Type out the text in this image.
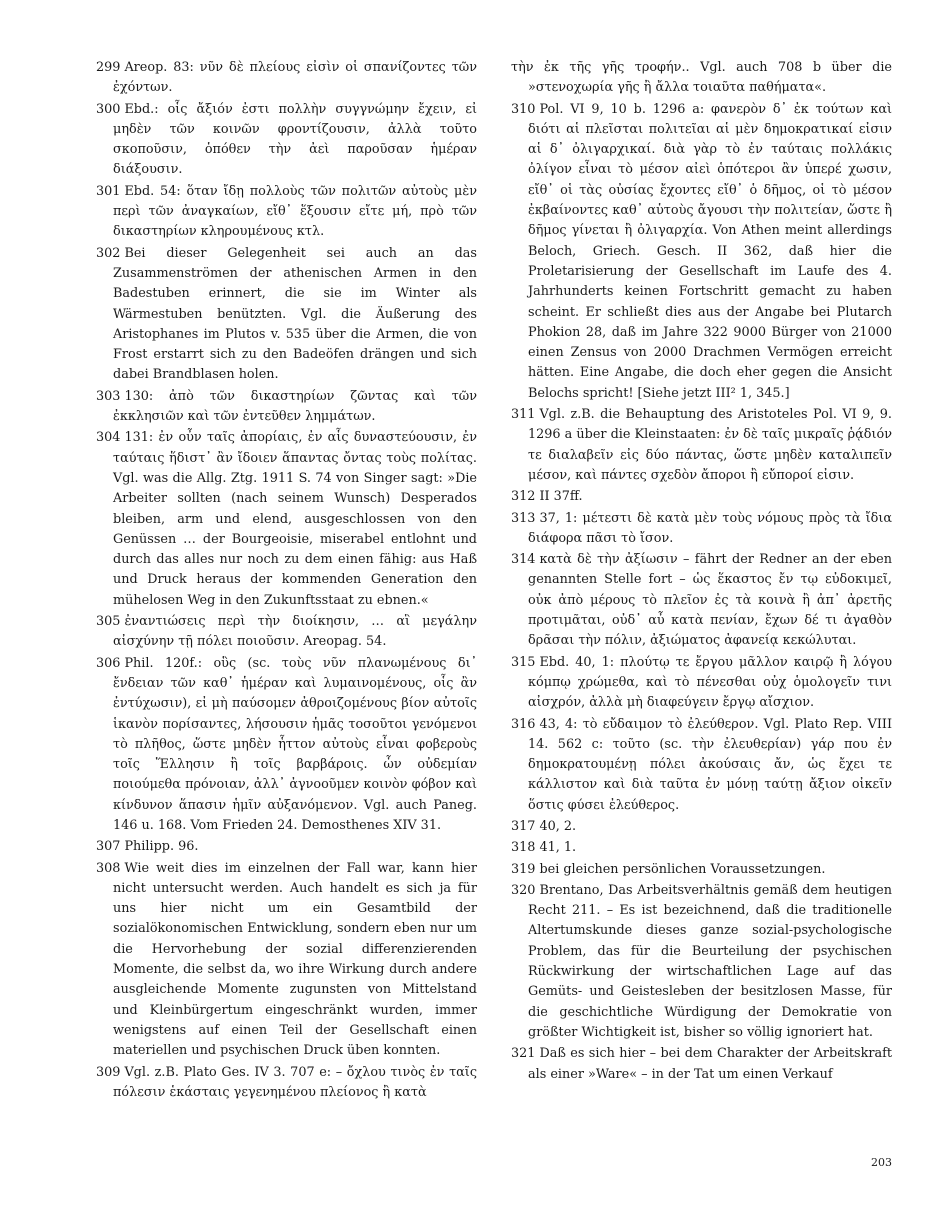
299 Areop. 83: νῦν δὲ πλείους εἰσὶν οἱ σπανίζοντες τῶν ἐχόντων.

300 Ebd.: οἷς ἄξιόν ἐστι πολλὴν συγγνώμην ἔχειν, εἰ μηδὲν τῶν κοινῶν φροντίζουσιν, ἀλλὰ τοῦτο σκοποῦσιν, ὁπόθεν τὴν ἀεὶ παροῦσαν ἡμέραν διάξουσιν.

301 Ebd. 54: ὅταν ἴδῃ πολλοὺς τῶν πολιτῶν αὐτοὺς μὲν περὶ τῶν ἀναγκαίων, εἴθ᾽ ἕξουσιν εἴτε μή, πρὸ τῶν δικαστηρίων κληρουμένους κτλ.

302 Bei dieser Gelegenheit sei auch an das Zusammenströmen der athenischen Armen in den Badestuben erinnert, die sie im Winter als Wärmestuben benützten. Vgl. die Äußerung des Aristophanes im Plutos v. 535 über die Armen, die von Frost erstarrt sich zu den Badeöfen drängen und sich dabei Brandblasen holen.

303 130: ἀπὸ τῶν δικαστηρίων ζῶντας καὶ τῶν ἐκκλησιῶν καὶ τῶν ἐντεῦθεν λημμάτων.

304 131: ἐν οὖν ταῖς ἀπορίαις, ἐν αἷς δυναστεύουσιν, ἐν ταύταις ἥδιστ᾽ ἂν ἴδοιεν ἅπαντας ὄντας τοὺς πολίτας. Vgl. was die Allg. Ztg. 1911 S. 74 von Singer sagt: »Die Arbeiter sollten (nach seinem Wunsch) Desperados bleiben, arm und elend, ausgeschlossen von den Genüssen … der Bourgeoisie, miserabel entlohnt und durch das alles nur noch zu dem einen fähig: aus Haß und Druck heraus der kommenden Generation den mühelosen Weg in den Zukunftsstaat zu ebnen.«

305 ἐναντιώσεις περὶ τὴν διοίκησιν, … αἳ μεγάλην αἰσχύνην τῇ πόλει ποιοῦσιν. Areopag. 54.

306 Phil. 120f.: οὓς (sc. τοὺς νῦν πλανωμένους δι᾽ ἔνδειαν τῶν καθ᾽ ἡμέραν καὶ λυμαινομένους, οἷς ἂν ἐντύχωσιν), εἰ μὴ παύσομεν ἀθροιζομένους βίον αὐτοῖς ἱκανὸν πορίσαντες, λήσουσιν ἡμᾶς τοσοῦτοι γενόμενοι τὸ πλῆθος, ὥστε μηδὲν ἧττον αὐτοὺς εἶναι φοβεροὺς τοῖς Ἕλλησιν ἢ τοῖς βαρβάροις. ὧν οὐδεμίαν ποιούμεθα πρόνοιαν, ἀλλ᾽ ἀγνοοῦμεν κοινὸν φόβον καὶ κίνδυνον ἅπασιν ἡμῖν αὐξανόμενον. Vgl. auch Paneg. 146 u. 168. Vom Frieden 24. Demosthenes XIV 31.

307 Philipp. 96.

308 Wie weit dies im einzelnen der Fall war, kann hier nicht untersucht werden. Auch handelt es sich ja für uns hier nicht um ein Gesamtbild der sozialökonomischen Entwicklung, sondern eben nur um die Hervorhebung der sozial differenzierenden Momente, die selbst da, wo ihre Wirkung durch andere ausgleichende Momente zugunsten von Mittelstand und Kleinbürgertum eingeschränkt wurden, immer wenigstens auf einen Teil der Gesellschaft einen materiellen und psychischen Druck üben konnten.

309 Vgl. z.B. Plato Ges. IV 3. 707 e: – ὄχλου τινὸς ἐν ταῖς πόλεσιν ἑκάσταις γεγενημένου πλείονος ἢ κατὰ

τὴν ἐκ τῆς γῆς τροφήν.. Vgl. auch 708 b über die »στενοχωρία γῆς ἢ ἄλλα τοιαῦτα παθήματα«.

310 Pol. VI 9, 10 b. 1296 a: φανερὸν δ᾽ ἐκ τούτων καὶ διότι αἱ πλεῖσται πολιτεῖαι αἱ μὲν δημοκρατικαί εἰσιν αἱ δ᾽ ὀλιγαρχικαί. διὰ γὰρ τὸ ἐν ταύταις πολλάκις ὀλίγον εἶναι τὸ μέσον αἰεὶ ὁπότεροι ἂν ὑπερέ χωσιν, εἴθ᾽ οἱ τὰς οὐσίας ἔχοντες εἴθ᾽ ὁ δῆμος, οἱ τὸ μέσον ἐκβαίνοντες καθ᾽ αὑτοὺς ἄγουσι τὴν πολιτείαν, ὥστε ἢ δῆμος γίνεται ἢ ὀλιγαρχία. Von Athen meint allerdings Beloch, Griech. Gesch. II 362, daß hier die Proletarisierung der Gesellschaft im Laufe des 4. Jahrhunderts keinen Fortschritt gemacht zu haben scheint. Er schließt dies aus der Angabe bei Plutarch Phokion 28, daß im Jahre 322 9000 Bürger von 21000 einen Zensus von 2000 Drachmen Vermögen erreicht hätten. Eine Angabe, die doch eher gegen die Ansicht Belochs spricht! [Siehe jetzt III² 1, 345.]

311 Vgl. z.B. die Behauptung des Aristoteles Pol. VI 9, 9. 1296 a über die Kleinstaaten: ἐν δὲ ταῖς μικραῖς ῥᾴδιόν τε διαλαβεῖν εἰς δύο πάντας, ὥστε μηδὲν καταλιπεῖν μέσον, καὶ πάντες σχεδὸν ἄποροι ἢ εὔποροί εἰσιν.

312 II 37ff.

313 37, 1: μέτεστι δὲ κατὰ μὲν τοὺς νόμους πρὸς τὰ ἴδια διάφορα πᾶσι τὸ ἴσον.

314 κατὰ δὲ τὴν ἀξίωσιν – fährt der Redner an der eben genannten Stelle fort – ὡς ἕκαστος ἔν τῳ εὐδοκιμεῖ, οὐκ ἀπὸ μέρους τὸ πλεῖον ἐς τὰ κοινὰ ἢ ἀπ᾽ ἀρετῆς προτιμᾶται, οὐδ᾽ αὖ κατὰ πενίαν, ἔχων δέ τι ἀγαθὸν δρᾶσαι τὴν πόλιν, ἀξιώματος ἀφανείᾳ κεκώλυται.

315 Ebd. 40, 1: πλούτῳ τε ἔργου μᾶλλον καιρῷ ἢ λόγου κόμπῳ χρώμεθα, καὶ τὸ πένεσθαι οὐχ ὁμολογεῖν τινι αἰσχρόν, ἀλλὰ μὴ διαφεύγειν ἔργῳ αἴσχιον.

316 43, 4: τὸ εὔδαιμον τὸ ἐλεύθερον. Vgl. Plato Rep. VIII 14. 562 c: τοῦτο (sc. τὴν ἐλευθερίαν) γάρ που ἐν δημοκρατουμένῃ πόλει ἀκούσαις ἄν, ὡς ἔχει τε κάλλιστον καὶ διὰ ταῦτα ἐν μόνῃ ταύτῃ ἄξιον οἰκεῖν ὅστις φύσει ἐλεύθερος.

317 40, 2.

318 41, 1.

319 bei gleichen persönlichen Voraussetzungen.

320 Brentano, Das Arbeitsverhältnis gemäß dem heutigen Recht 211. – Es ist bezeichnend, daß die traditionelle Altertumskunde dieses ganze sozial-psychologische Problem, das für die Beurteilung der psychischen Rückwirkung der wirtschaftlichen Lage auf das Gemüts- und Geistesleben der besitzlosen Masse, für die geschichtliche Würdigung der Demokratie von größter Wichtigkeit ist, bisher so völlig ignoriert hat.

321 Daß es sich hier – bei dem Charakter der Arbeitskraft als einer »Ware« – in der Tat um einen Verkauf

203
